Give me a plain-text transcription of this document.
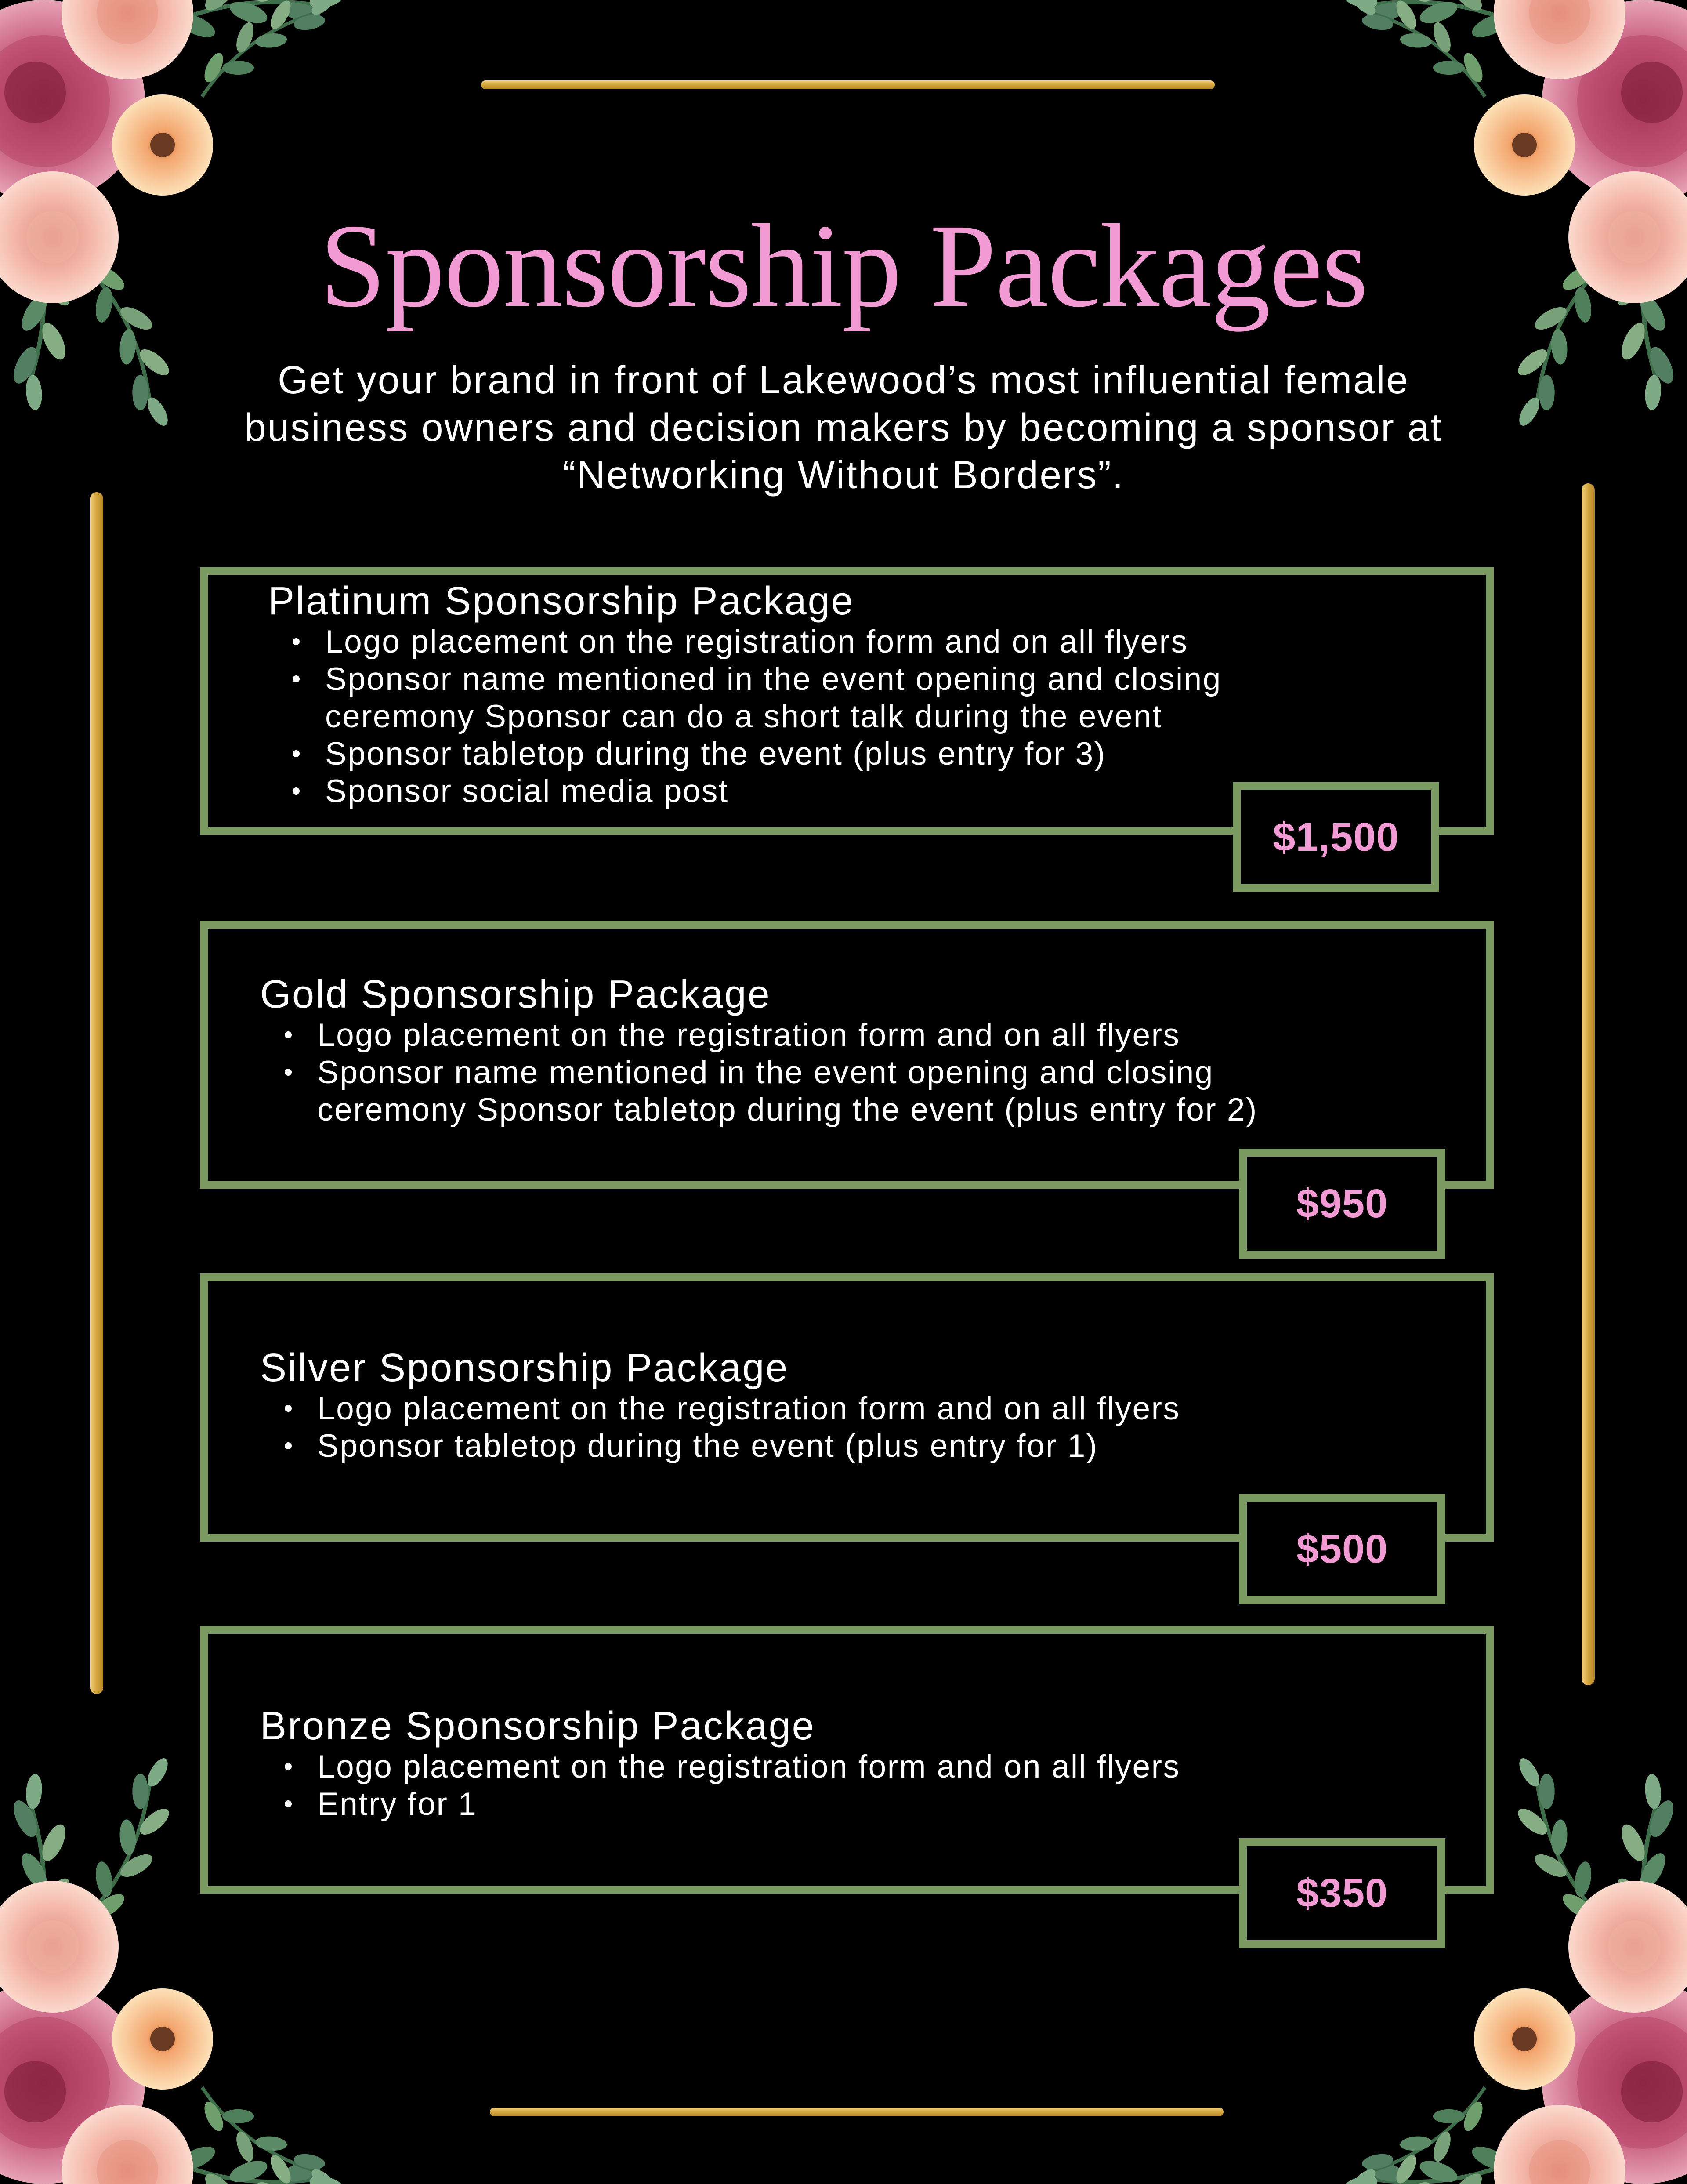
Sponsorship Packages
Get your brand in front of Lakewood’s most influential female business owners and decision makers by becoming a sponsor at “Networking Without Borders”.
Platinum Sponsorship Package
Logo placement on the registration form and on all flyers
Sponsor name mentioned in the event opening and closing ceremony Sponsor can do a short talk during the event
Sponsor tabletop during the event (plus entry for 3)
Sponsor social media post
$1,500
Gold Sponsorship Package
Logo placement on the registration form and on all flyers
Sponsor name mentioned in the event opening and closing ceremony Sponsor tabletop during the event (plus entry for 2)
$950
Silver Sponsorship Package
Logo placement on the registration form and on all flyers
Sponsor tabletop during the event (plus entry for 1)
$500
Bronze Sponsorship Package
Logo placement on the registration form and on all flyers
Entry for 1
$350
